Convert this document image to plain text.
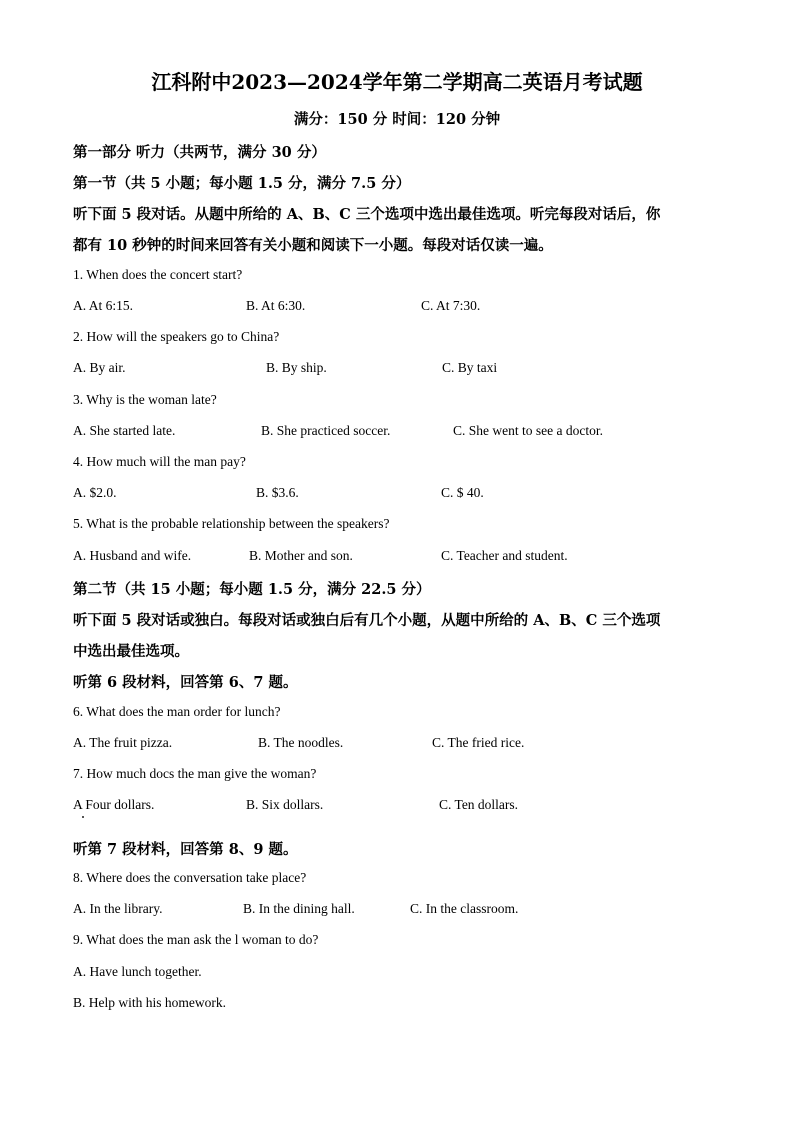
江科附中2023—2024学年第二学期高二英语月考试题
满分：150 分 时间：120 分钟
第一部分 听力（共两节，满分 30 分）
第一节（共 5 小题；每小题 1.5 分，满分 7.5 分）
听下面 5 段对话。从题中所给的 A、B、C 三个选项中选出最佳选项。听完每段对话后，你
都有 10 秒钟的时间来回答有关小题和阅读下一小题。每段对话仅读一遍。
1. When does the concert start?
A. At 6:15.	B. At 6:30.	C. At 7:30.
2. How will the speakers go to China?
A. By air.	B. By ship.	C. By taxi
3. Why is the woman late?
A. She started late.	B. She practiced soccer.	C. She went to see a doctor.
4. How much will the man pay?
A. $2.0.	B. $3.6.	C. $ 40.
5. What is the probable relationship between the speakers?
A. Husband and wife.	B. Mother and son.	C. Teacher and student.
第二节（共 15 小题；每小题 1.5 分，满分 22.5 分）
听下面 5 段对话或独白。每段对话或独白后有几个小题，从题中所给的 A、B、C 三个选项
中选出最佳选项。
听第 6 段材料，回答第 6、7 题。
6. What does the man order for lunch?
A. The fruit pizza.	B. The noodles.	C. The fried rice.
7. How much docs the man give the woman?
A Four dollars.	B. Six dollars.	C. Ten dollars.
听第 7 段材料，回答第 8、9 题。
8. Where does the conversation take place?
A. In the library.	B. In the dining hall.	C. In the classroom.
9. What does the man ask the l woman to do?
A. Have lunch together.
B. Help with his homework.
